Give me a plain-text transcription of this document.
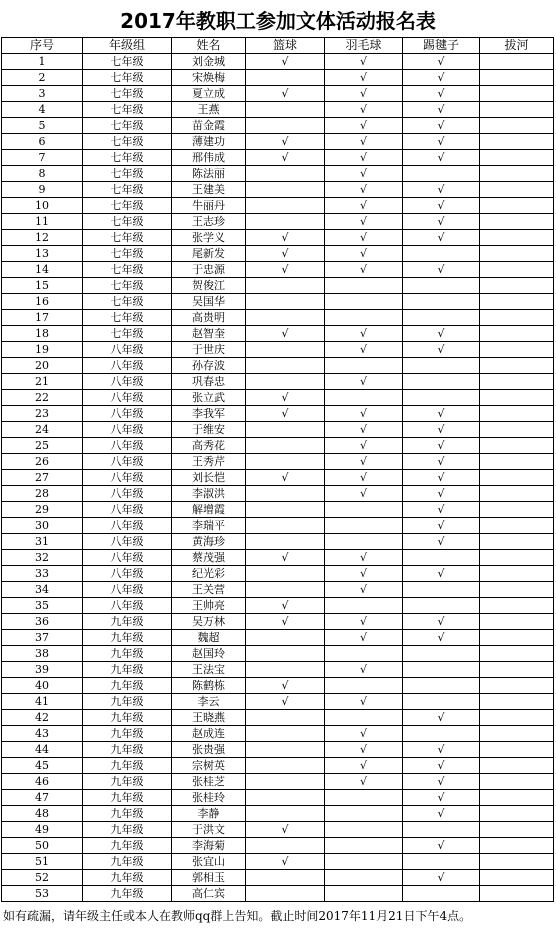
2017年教职工参加文体活动报名表
序号	年级组	姓名	篮球	羽毛球	踢毽子	拔河
1	七年级	刘金城	√	√	√	
2	七年级	宋焕梅		√	√	
3	七年级	夏立成	√	√	√	
4	七年级	王燕		√	√	
5	七年级	苗金霞		√	√	
6	七年级	薄建功	√	√	√	
7	七年级	邢伟成	√	√	√	
8	七年级	陈法丽		√		
9	七年级	王建美		√	√	
10	七年级	牛丽丹		√	√	
11	七年级	王志珍		√	√	
12	七年级	张学义	√	√	√	
13	七年级	尾新发	√	√		
14	七年级	于忠源	√	√	√	
15	七年级	贺俊江				
16	七年级	吴国华				
17	七年级	高贵明				
18	七年级	赵智奎	√	√	√	
19	八年级	于世庆		√	√	
20	八年级	孙存波				
21	八年级	巩春忠		√		
22	八年级	张立武	√			
23	八年级	李我军	√	√	√	
24	八年级	于维安		√	√	
25	八年级	高秀花		√	√	
26	八年级	王秀芹		√	√	
27	八年级	刘长恺	√	√	√	
28	八年级	李淑洪		√	√	
29	八年级	解增霞			√	
30	八年级	李瑞平			√	
31	八年级	黄海珍			√	
32	八年级	蔡茂强	√	√		
33	八年级	纪光彩		√	√	
34	八年级	王关营		√		
35	八年级	王帅亮	√			
36	九年级	吴万林	√	√	√	
37	九年级	魏超		√	√	
38	九年级	赵国玲				
39	九年级	王法宝		√		
40	九年级	陈鹤栋	√			
41	九年级	李云	√	√		
42	九年级	王晓燕			√	
43	九年级	赵成连		√		
44	九年级	张贵强		√	√	
45	九年级	宗树英		√	√	
46	九年级	张桂芝		√	√	
47	九年级	张桂玲			√	
48	九年级	李静			√	
49	九年级	于洪文	√			
50	九年级	李海菊			√	
51	九年级	张宜山	√			
52	九年级	郭相玉			√	
53	九年级	高仁宾				
如有疏漏，请年级主任或本人在教师qq群上告知。截止时间2017年11月21日下午4点。
